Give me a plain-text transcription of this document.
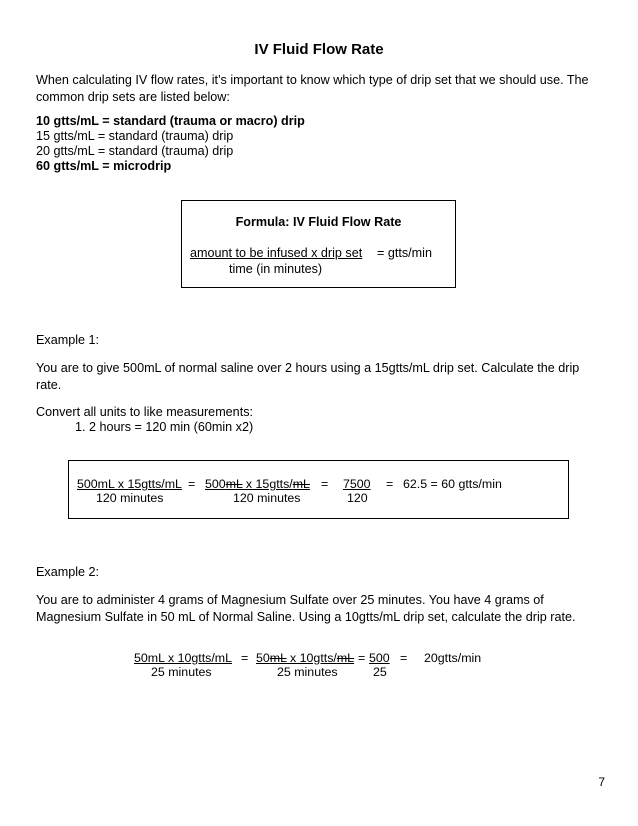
IV Fluid Flow Rate
When calculating IV flow rates, it’s important to know which type of drip set that we should use. The common drip sets are listed below:
10 gtts/mL = standard (trauma or macro) drip
15 gtts/mL = standard (trauma) drip
20 gtts/mL = standard (trauma) drip
60 gtts/mL = microdrip
Formula: IV Fluid Flow Rate
amount to be infused x drip set = gtts/min
time (in minutes)
Example 1:
You are to give 500mL of normal saline over 2 hours using a 15gtts/mL drip set. Calculate the drip rate.
Convert all units to like measurements:
1. 2 hours = 120 min (60min x2)
500mL x 15gtts/mL
120 minutes
= 500mL x 15gtts/mL
120 minutes
= 7500
120
= 62.5 = 60 gtts/min
Example 2:
You are to administer 4 grams of Magnesium Sulfate over 25 minutes. You have 4 grams of Magnesium Sulfate in 50 mL of Normal Saline. Using a 10gtts/mL drip set, calculate the drip rate.
50mL x 10gtts/mL
25 minutes
= 50mL x 10gtts/mL
25 minutes
= 500
25
= 20gtts/min
7
